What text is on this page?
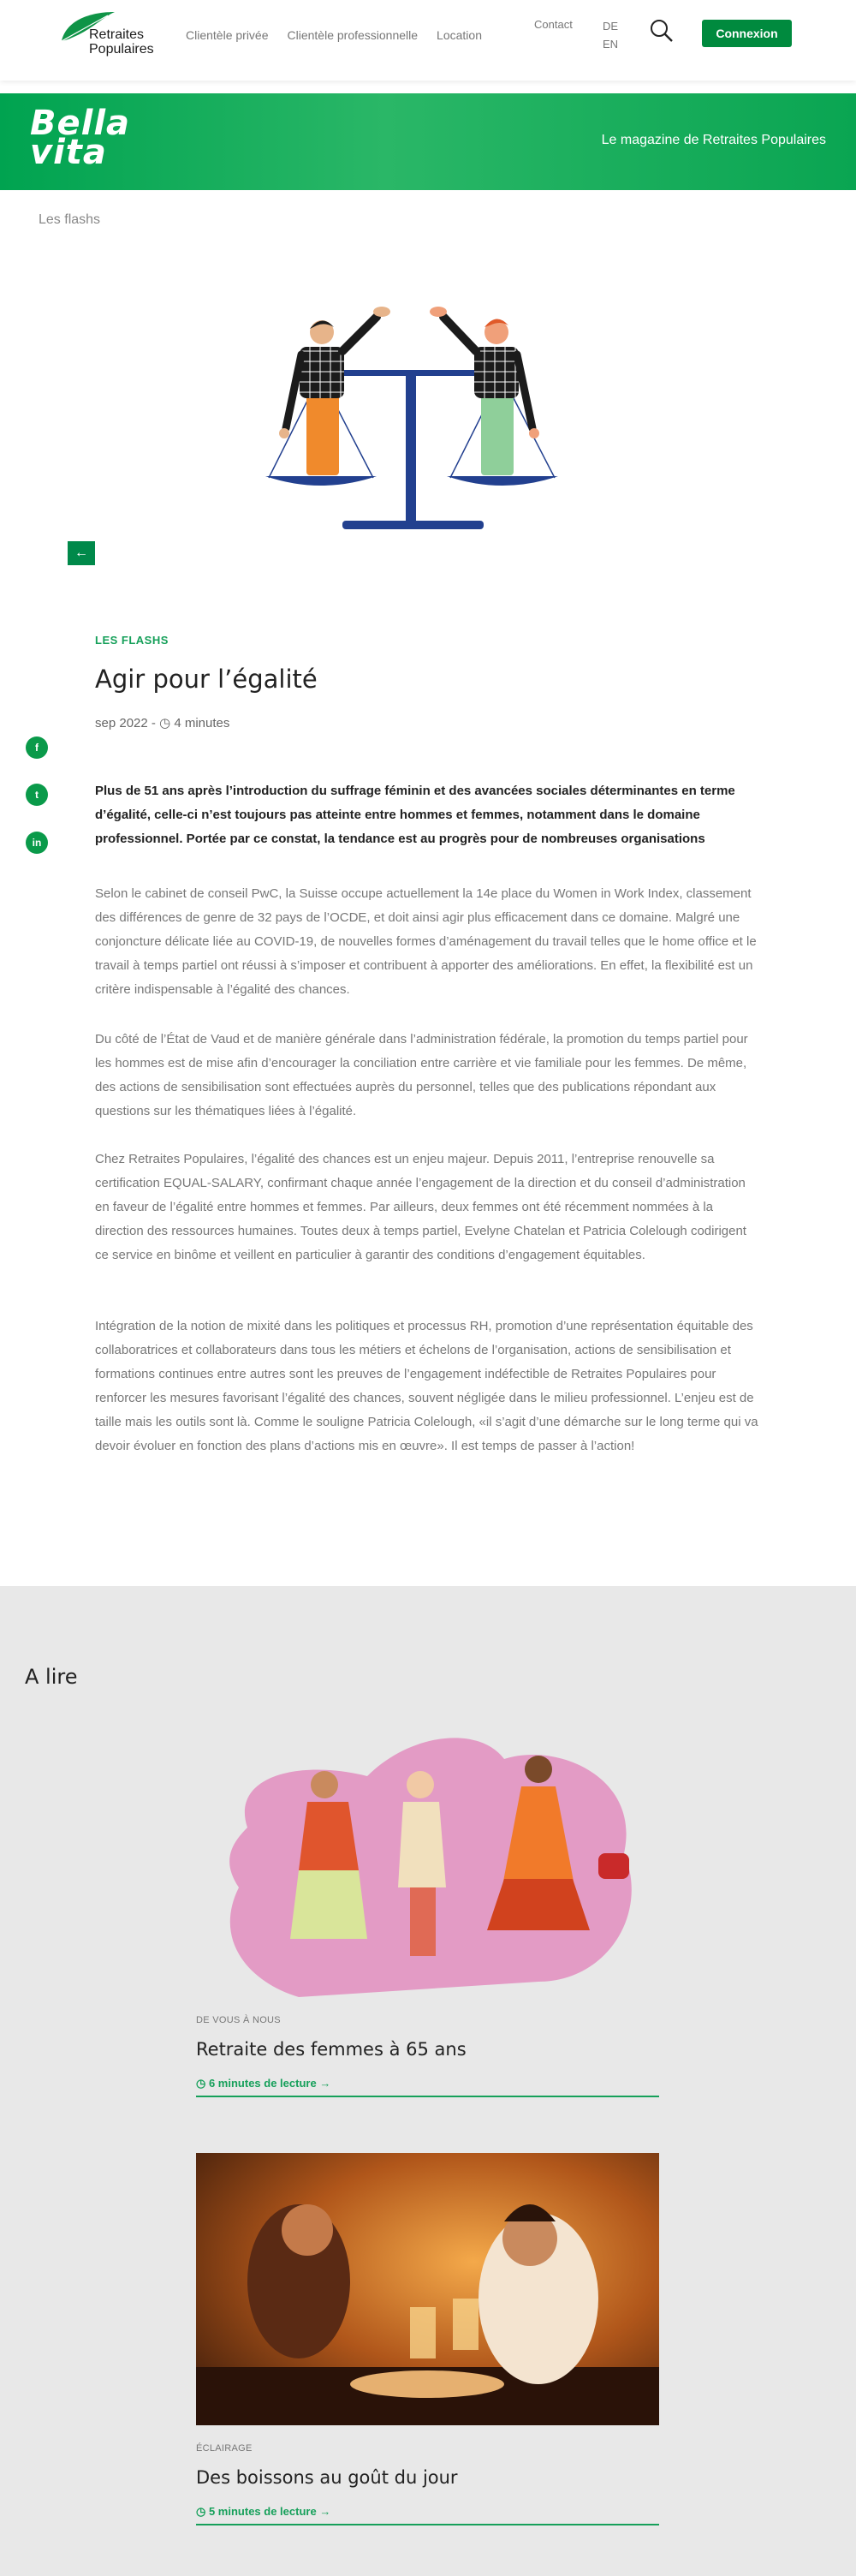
Retraites
Populaires
Clientèle privée Clientèle professionnelle Location
Contact	DE
EN
Connexion
Bella
vita	Le magazine de Retraites Populaires
Les flashs
←
f
t
in
LES FLASHS
Agir pour l’égalité
sep 2022 - ◷ 4 minutes

Plus de 51 ans après l’introduction du suffrage féminin et des avancées sociales déterminantes en terme d’égalité, celle-ci n’est toujours pas atteinte entre hommes et femmes, notamment dans le domaine professionnel. Portée par ce constat, la tendance est au progrès pour de nombreuses organisations

Selon le cabinet de conseil PwC, la Suisse occupe actuellement la 14e place du Women in Work Index, classement des différences de genre de 32 pays de l’OCDE, et doit ainsi agir plus efficacement dans ce domaine. Malgré une conjoncture délicate liée au COVID-19, de nouvelles formes d’aménagement du travail telles que le home office et le travail à temps partiel ont réussi à s’imposer et contribuent à apporter des améliorations. En effet, la flexibilité est un critère indispensable à l’égalité des chances.

Du côté de l’État de Vaud et de manière générale dans l’administration fédérale, la promotion du temps partiel pour les hommes est de mise afin d’encourager la conciliation entre carrière et vie familiale pour les femmes. De même, des actions de sensibilisation sont effectuées auprès du personnel, telles que des publications répondant aux questions sur les thématiques liées à l’égalité.

Chez Retraites Populaires, l’égalité des chances est un enjeu majeur. Depuis 2011, l’entreprise renouvelle sa certification EQUAL-SALARY, confirmant chaque année l’engagement de la direction et du conseil d’administration en faveur de l’égalité entre hommes et femmes. Par ailleurs, deux femmes ont été récemment nommées à la direction des ressources humaines. Toutes deux à temps partiel, Evelyne Chatelan et Patricia Colelough codirigent ce service en binôme et veillent en particulier à garantir des conditions d’engagement équitables.

Intégration de la notion de mixité dans les politiques et processus RH, promotion d’une représentation équitable des collaboratrices et collaborateurs dans tous les métiers et échelons de l’organisation, actions de sensibilisation et formations continues entre autres sont les preuves de l’engagement indéfectible de Retraites Populaires pour renforcer les mesures favorisant l’égalité des chances, souvent négligée dans le milieu professionnel. L’enjeu est de taille mais les outils sont là. Comme le souligne Patricia Colelough, «il s’agit d’une démarche sur le long terme qui va devoir évoluer en fonction des plans d’actions mis en œuvre». Il est temps de passer à l’action!

A lire
DE VOUS À NOUS
Retraite des femmes à 65 ans
◷ 6 minutes de lecture →
ÉCLAIRAGE
Des boissons au goût du jour
◷ 5 minutes de lecture →
